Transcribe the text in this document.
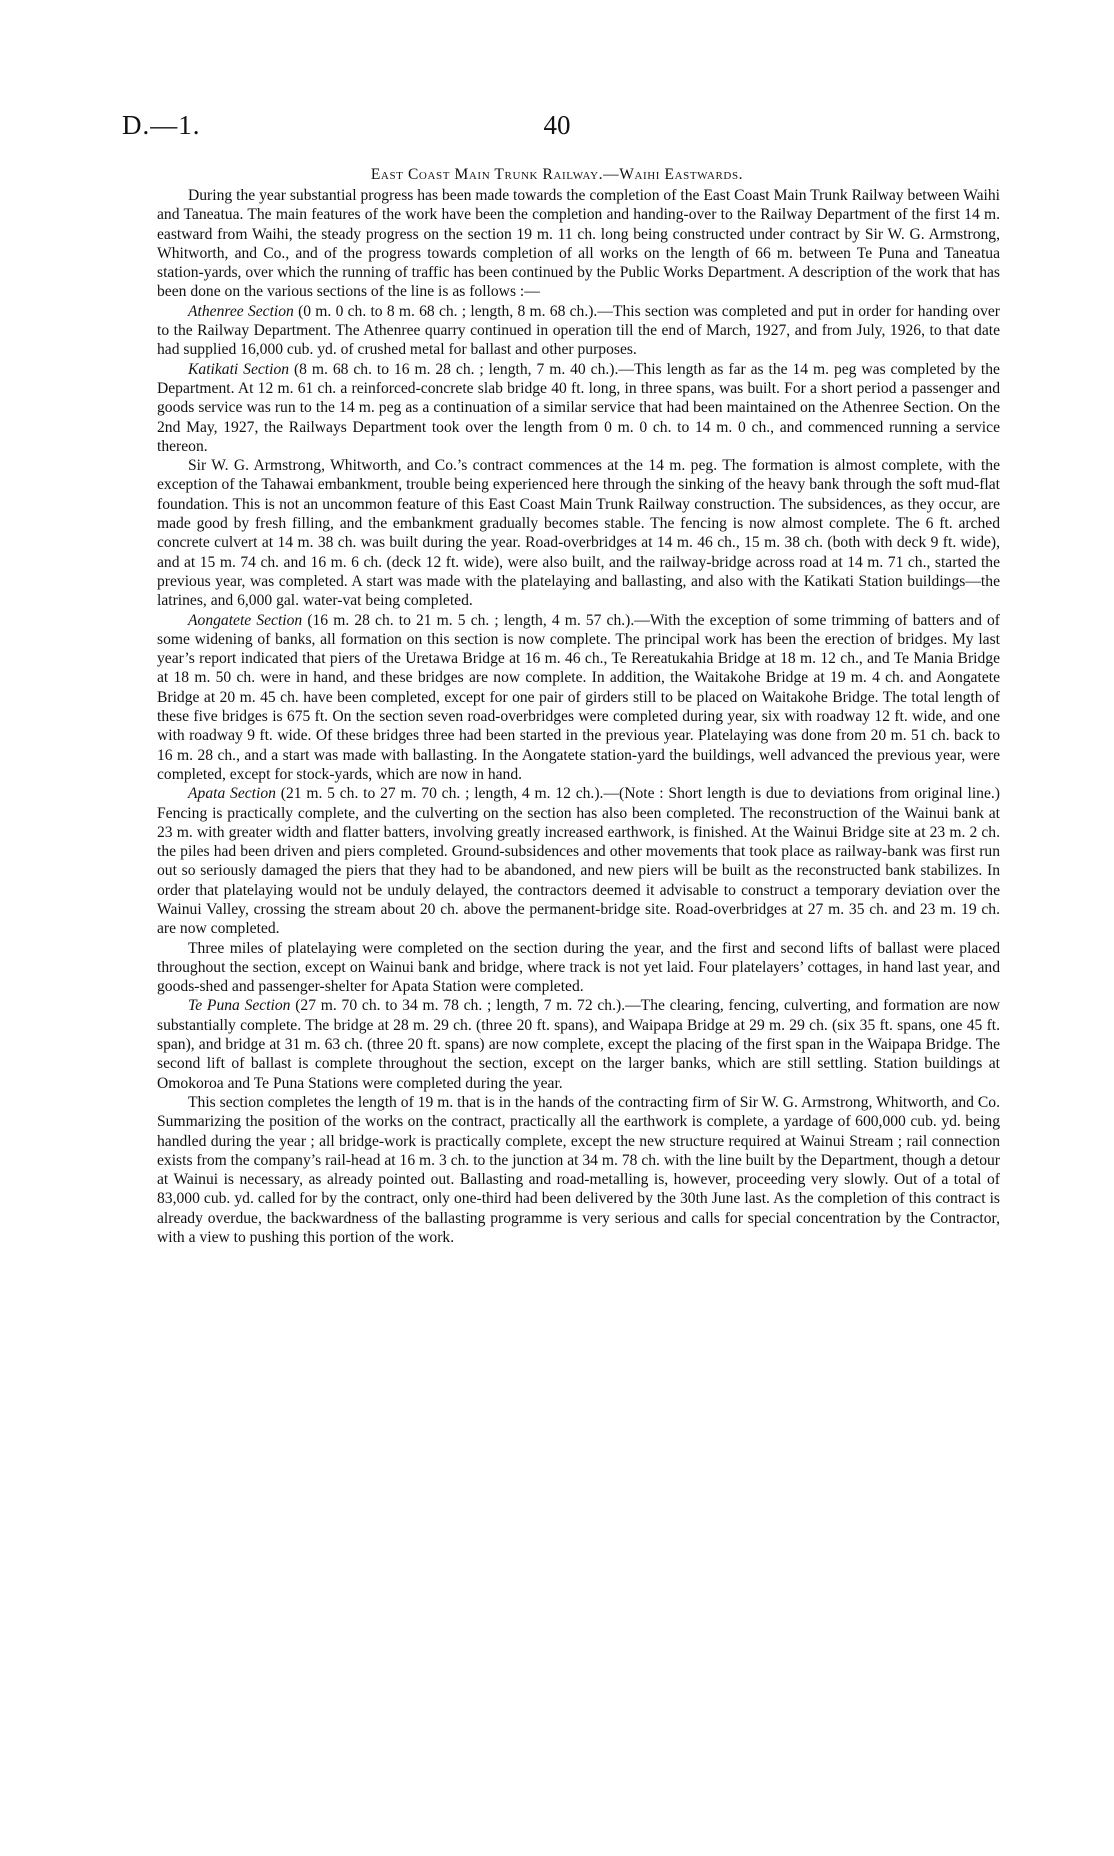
D.—1.	40
East Coast Main Trunk Railway.—Waihi Eastwards.

During the year substantial progress has been made towards the completion of the East Coast Main Trunk Railway between Waihi and Taneatua. The main features of the work have been the completion and handing-over to the Railway Department of the first 14 m. eastward from Waihi, the steady progress on the section 19 m. 11 ch. long being constructed under contract by Sir W. G. Armstrong, Whitworth, and Co., and of the progress towards completion of all works on the length of 66 m. between Te Puna and Taneatua station-yards, over which the running of traffic has been continued by the Public Works Department. A description of the work that has been done on the various sections of the line is as follows :—

Athenree Section (0 m. 0 ch. to 8 m. 68 ch. ; length, 8 m. 68 ch.).—This section was completed and put in order for handing over to the Railway Department. The Athenree quarry continued in operation till the end of March, 1927, and from July, 1926, to that date had supplied 16,000 cub. yd. of crushed metal for ballast and other purposes.

Katikati Section (8 m. 68 ch. to 16 m. 28 ch. ; length, 7 m. 40 ch.).—This length as far as the 14 m. peg was completed by the Department. At 12 m. 61 ch. a reinforced-concrete slab bridge 40 ft. long, in three spans, was built. For a short period a passenger and goods service was run to the 14 m. peg as a continuation of a similar service that had been maintained on the Athenree Section. On the 2nd May, 1927, the Railways Department took over the length from 0 m. 0 ch. to 14 m. 0 ch., and commenced running a service thereon.

Sir W. G. Armstrong, Whitworth, and Co.’s contract commences at the 14 m. peg. The formation is almost complete, with the exception of the Tahawai embankment, trouble being experienced here through the sinking of the heavy bank through the soft mud-flat foundation. This is not an uncommon feature of this East Coast Main Trunk Railway construction. The subsidences, as they occur, are made good by fresh filling, and the embankment gradually becomes stable. The fencing is now almost complete. The 6 ft. arched concrete culvert at 14 m. 38 ch. was built during the year. Road-overbridges at 14 m. 46 ch., 15 m. 38 ch. (both with deck 9 ft. wide), and at 15 m. 74 ch. and 16 m. 6 ch. (deck 12 ft. wide), were also built, and the railway-bridge across road at 14 m. 71 ch., started the previous year, was completed. A start was made with the platelaying and ballasting, and also with the Katikati Station buildings—the latrines, and 6,000 gal. water-vat being completed.

Aongatete Section (16 m. 28 ch. to 21 m. 5 ch. ; length, 4 m. 57 ch.).—With the exception of some trimming of batters and of some widening of banks, all formation on this section is now complete. The principal work has been the erection of bridges. My last year’s report indicated that piers of the Uretawa Bridge at 16 m. 46 ch., Te Rereatukahia Bridge at 18 m. 12 ch., and Te Mania Bridge at 18 m. 50 ch. were in hand, and these bridges are now complete. In addition, the Waitakohe Bridge at 19 m. 4 ch. and Aongatete Bridge at 20 m. 45 ch. have been completed, except for one pair of girders still to be placed on Waitakohe Bridge. The total length of these five bridges is 675 ft. On the section seven road-overbridges were completed during year, six with roadway 12 ft. wide, and one with roadway 9 ft. wide. Of these bridges three had been started in the previous year. Platelaying was done from 20 m. 51 ch. back to 16 m. 28 ch., and a start was made with ballasting. In the Aongatete station-yard the buildings, well advanced the previous year, were completed, except for stock-yards, which are now in hand.

Apata Section (21 m. 5 ch. to 27 m. 70 ch. ; length, 4 m. 12 ch.).—(Note : Short length is due to deviations from original line.) Fencing is practically complete, and the culverting on the section has also been completed. The reconstruction of the Wainui bank at 23 m. with greater width and flatter batters, involving greatly increased earthwork, is finished. At the Wainui Bridge site at 23 m. 2 ch. the piles had been driven and piers completed. Ground-subsidences and other movements that took place as railway-bank was first run out so seriously damaged the piers that they had to be abandoned, and new piers will be built as the reconstructed bank stabilizes. In order that platelaying would not be unduly delayed, the contractors deemed it advisable to construct a temporary deviation over the Wainui Valley, crossing the stream about 20 ch. above the permanent-bridge site. Road-overbridges at 27 m. 35 ch. and 23 m. 19 ch. are now completed.

Three miles of platelaying were completed on the section during the year, and the first and second lifts of ballast were placed throughout the section, except on Wainui bank and bridge, where track is not yet laid. Four platelayers’ cottages, in hand last year, and goods-shed and passenger-shelter for Apata Station were completed.

Te Puna Section (27 m. 70 ch. to 34 m. 78 ch. ; length, 7 m. 72 ch.).—The clearing, fencing, culverting, and formation are now substantially complete. The bridge at 28 m. 29 ch. (three 20 ft. spans), and Waipapa Bridge at 29 m. 29 ch. (six 35 ft. spans, one 45 ft. span), and bridge at 31 m. 63 ch. (three 20 ft. spans) are now complete, except the placing of the first span in the Waipapa Bridge. The second lift of ballast is complete throughout the section, except on the larger banks, which are still settling. Station buildings at Omokoroa and Te Puna Stations were completed during the year.

This section completes the length of 19 m. that is in the hands of the contracting firm of Sir W. G. Armstrong, Whitworth, and Co. Summarizing the position of the works on the contract, practically all the earthwork is complete, a yardage of 600,000 cub. yd. being handled during the year ; all bridge-work is practically complete, except the new structure required at Wainui Stream ; rail connection exists from the company’s rail-head at 16 m. 3 ch. to the junction at 34 m. 78 ch. with the line built by the Department, though a detour at Wainui is necessary, as already pointed out. Ballasting and road-metalling is, however, proceeding very slowly. Out of a total of 83,000 cub. yd. called for by the contract, only one-third had been delivered by the 30th June last. As the completion of this contract is already overdue, the backwardness of the ballasting programme is very serious and calls for special concentration by the Contractor, with a view to pushing this portion of the work.
